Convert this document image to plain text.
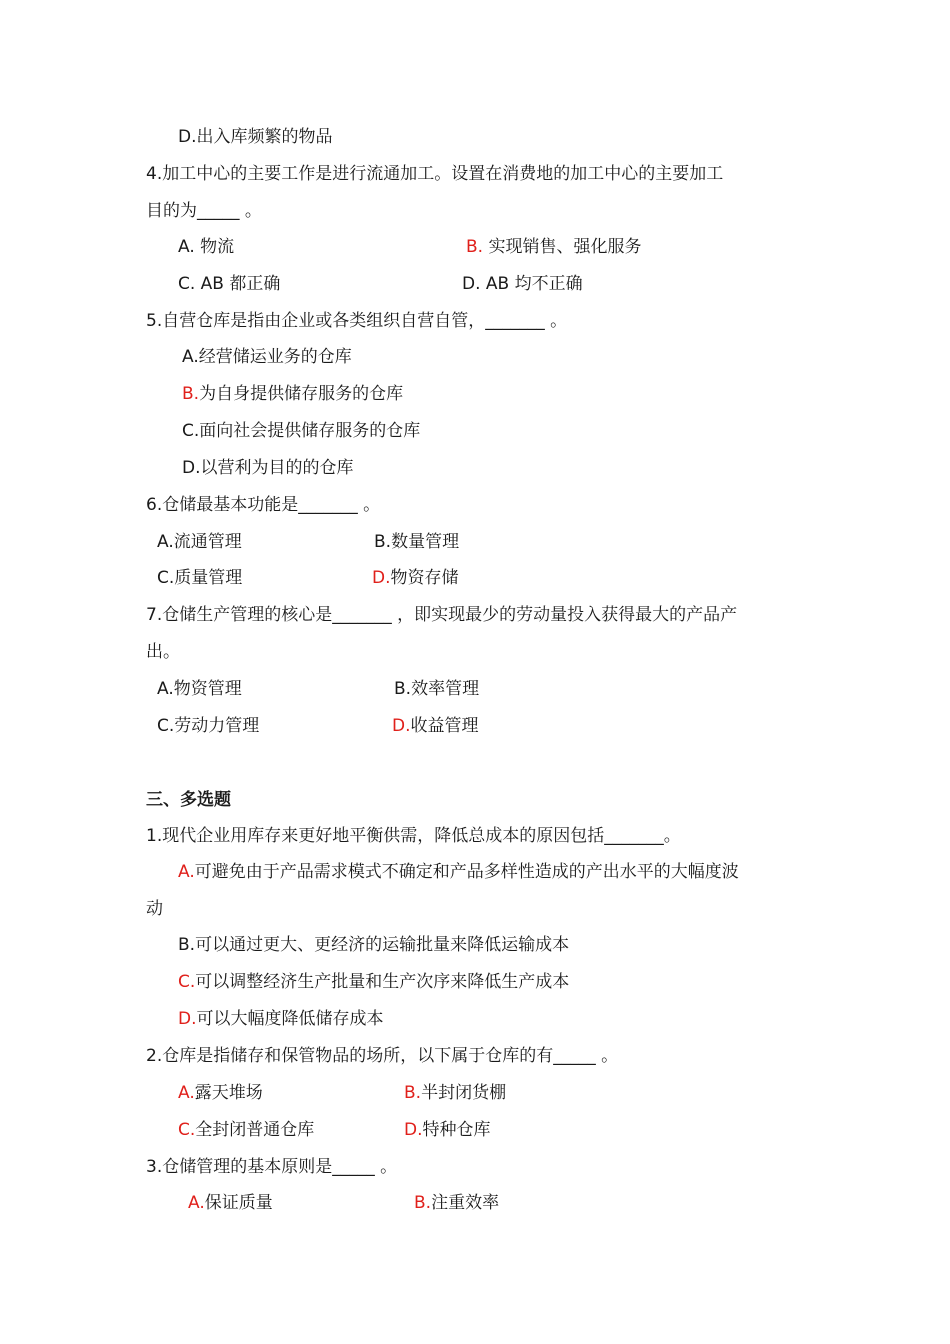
D.出入库频繁的物品
4.加工中心的主要工作是进行流通加工。设置在消费地的加工中心的主要加工
目的为_____ 。
A. 物流	B. 实现销售、强化服务
C. AB 都正确	D. AB 均不正确
5.自营仓库是指由企业或各类组织自营自管，_______ 。
A.经营储运业务的仓库
B.为自身提供储存服务的仓库
C.面向社会提供储存服务的仓库
D.以营利为目的的仓库
6.仓储最基本功能是_______ 。
A.流通管理	B.数量管理
C.质量管理	D.物资存储
7.仓储生产管理的核心是_______ ，即实现最少的劳动量投入获得最大的产品产
出。
A.物资管理	B.效率管理
C.劳动力管理	D.收益管理
三、多选题
1.现代企业用库存来更好地平衡供需，降低总成本的原因包括_______。
A.可避免由于产品需求模式不确定和产品多样性造成的产出水平的大幅度波
动
B.可以通过更大、更经济的运输批量来降低运输成本
C.可以调整经济生产批量和生产次序来降低生产成本
D.可以大幅度降低储存成本
2.仓库是指储存和保管物品的场所，以下属于仓库的有_____ 。
A.露天堆场	B.半封闭货棚
C.全封闭普通仓库	D.特种仓库
3.仓储管理的基本原则是_____ 。
A.保证质量	B.注重效率
